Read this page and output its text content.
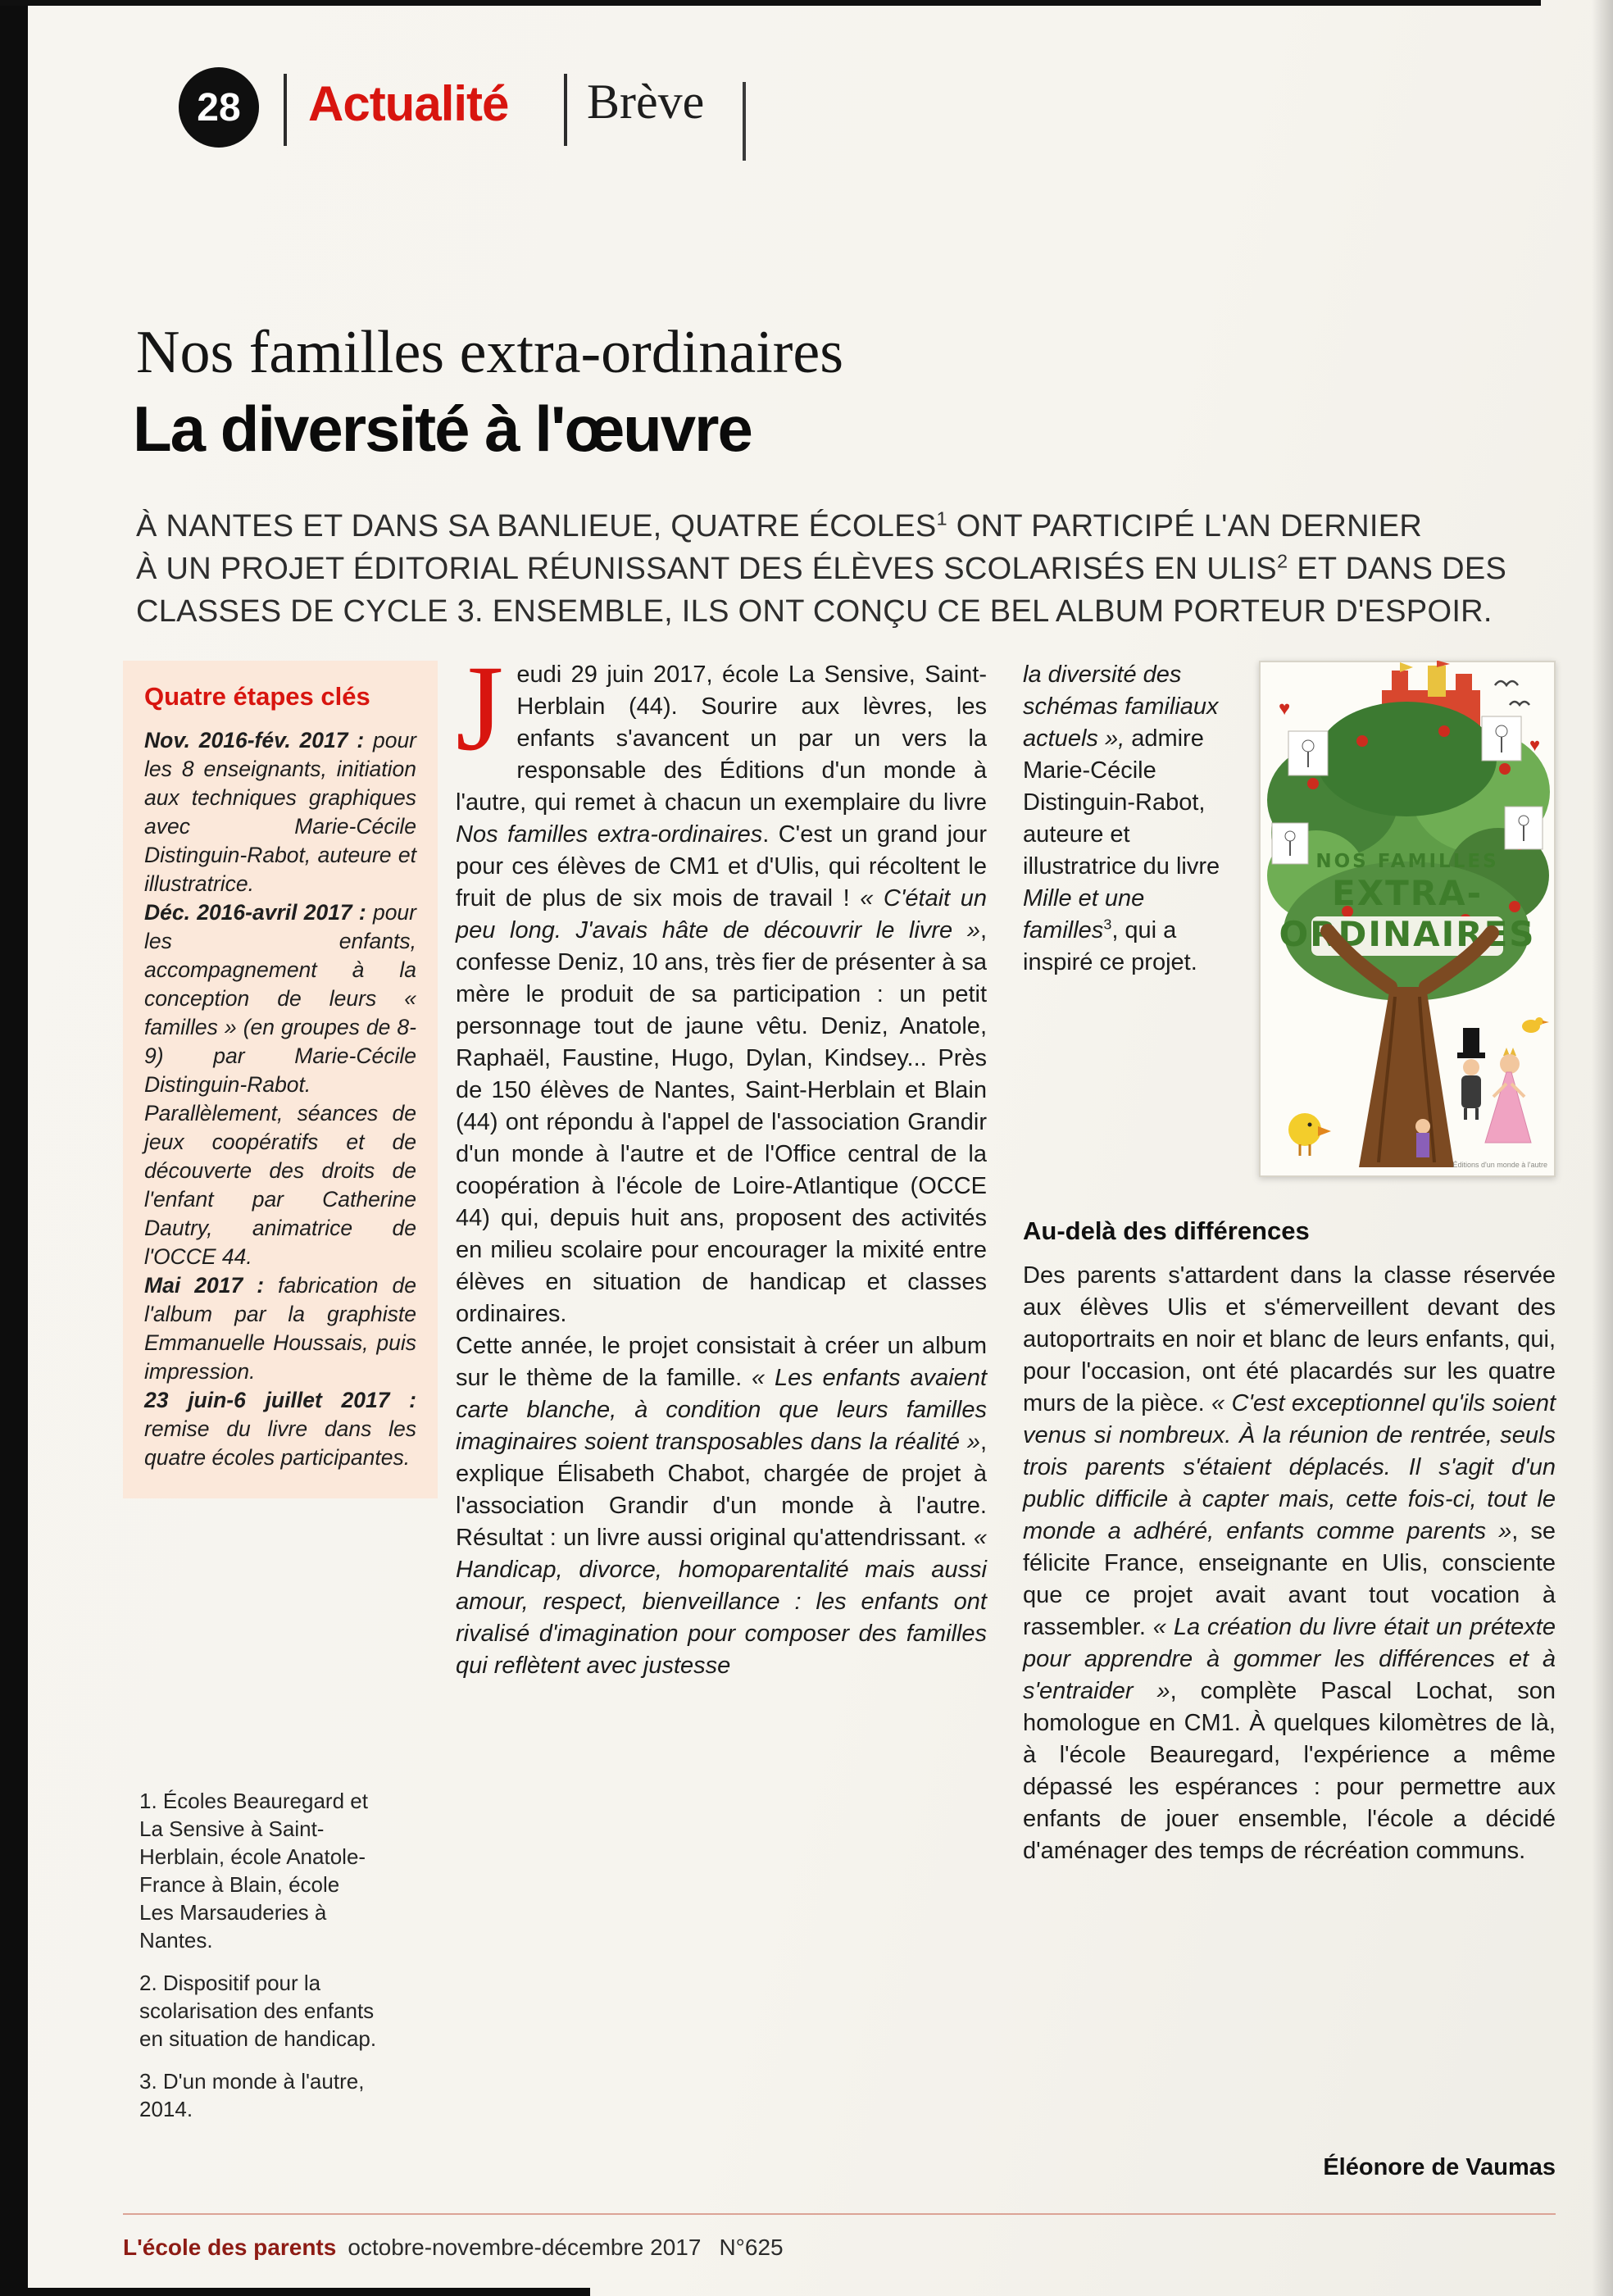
28 Actualité Brève
Nos familles extra-ordinaires
La diversité à l'œuvre
À NANTES ET DANS SA BANLIEUE, QUATRE ÉCOLES$^1$ ONT PARTICIPÉ L'AN DERNIER
À UN PROJET ÉDITORIAL RÉUNISSANT DES ÉLÈVES SCOLARISÉS EN ULIS$^2$ ET DANS DES
CLASSES DE CYCLE 3. ENSEMBLE, ILS ONT CONÇU CE BEL ALBUM PORTEUR D'ESPOIR.
Quatre étapes clés

Nov. 2016-fév. 2017 : pour les 8 enseignants, initiation aux techniques graphiques avec Marie-Cécile Distinguin-Rabot, auteure et illustratrice.

Déc. 2016-avril 2017 : pour les enfants, accompagnement à la conception de leurs « familles » (en groupes de 8-9) par Marie-Cécile Distinguin-Rabot. Parallèlement, séances de jeux coopératifs et de découverte des droits de l'enfant par Catherine Dautry, animatrice de l'OCCE 44.

Mai 2017 : fabrication de l'album par la graphiste Emmanuelle Houssais, puis impression.

23 juin-6 juillet 2017 : remise du livre dans les quatre écoles participantes.

1. Écoles Beauregard et La Sensive à Saint-Herblain, école Anatole-France à Blain, école Les Marsauderies à Nantes.

2. Dispositif pour la scolarisation des enfants en situation de handicap.

3. D'un monde à l'autre, 2014.

Jeudi 29 juin 2017, école La Sensive, Saint-Herblain (44). Sourire aux lèvres, les enfants s'avancent un par un vers la responsable des Éditions d'un monde à l'autre, qui remet à chacun un exemplaire du livre Nos familles extra-ordinaires. C'est un grand jour pour ces élèves de CM1 et d'Ulis, qui récoltent le fruit de plus de six mois de travail ! « C'était un peu long. J'avais hâte de découvrir le livre », confesse Deniz, 10 ans, très fier de présenter à sa mère le produit de sa participation : un petit personnage tout de jaune vêtu. Deniz, Anatole, Raphaël, Faustine, Hugo, Dylan, Kindsey... Près de 150 élèves de Nantes, Saint-Herblain et Blain (44) ont répondu à l'appel de l'association Grandir d'un monde à l'autre et de l'Office central de la coopération à l'école de Loire-Atlantique (OCCE 44) qui, depuis huit ans, proposent des activités en milieu scolaire pour encourager la mixité entre élèves en situation de handicap et classes ordinaires.

Cette année, le projet consistait à créer un album sur le thème de la famille. « Les enfants avaient carte blanche, à condition que leurs familles imaginaires soient transposables dans la réalité », explique Élisabeth Chabot, chargée de projet à l'association Grandir d'un monde à l'autre. Résultat : un livre aussi original qu'attendrissant. « Handicap, divorce, homoparentalité mais aussi amour, respect, bienveillance : les enfants ont rivalisé d'imagination pour composer des familles qui reflètent avec justesse

la diversité des schémas familiaux actuels », admire Marie-Cécile Distinguin-Rabot, auteure et illustratrice du livre Mille et une familles$^3$, qui a inspiré ce projet.
♥
♥
NOS FAMILLES
EXTRA-
ORDINAIRES
Éditions d'un monde à l'autre
Au-delà des différences

Des parents s'attardent dans la classe réservée aux élèves Ulis et s'émerveillent devant des autoportraits en noir et blanc de leurs enfants, qui, pour l'occasion, ont été placardés sur les quatre murs de la pièce. « C'est exceptionnel qu'ils soient venus si nombreux. À la réunion de rentrée, seuls trois parents s'étaient déplacés. Il s'agit d'un public difficile à capter mais, cette fois-ci, tout le monde a adhéré, enfants comme parents », se félicite France, enseignante en Ulis, consciente que ce projet avait avant tout vocation à rassembler. « La création du livre était un prétexte pour apprendre à gommer les différences et à s'entraider », complète Pascal Lochat, son homologue en CM1. À quelques kilomètres de là, à l'école Beauregard, l'expérience a même dépassé les espérances : pour permettre aux enfants de jouer ensemble, l'école a décidé d'aménager des temps de récréation communs.

Éléonore de Vaumas
L'école des parents octobre-novembre-décembre 2017 N°625
